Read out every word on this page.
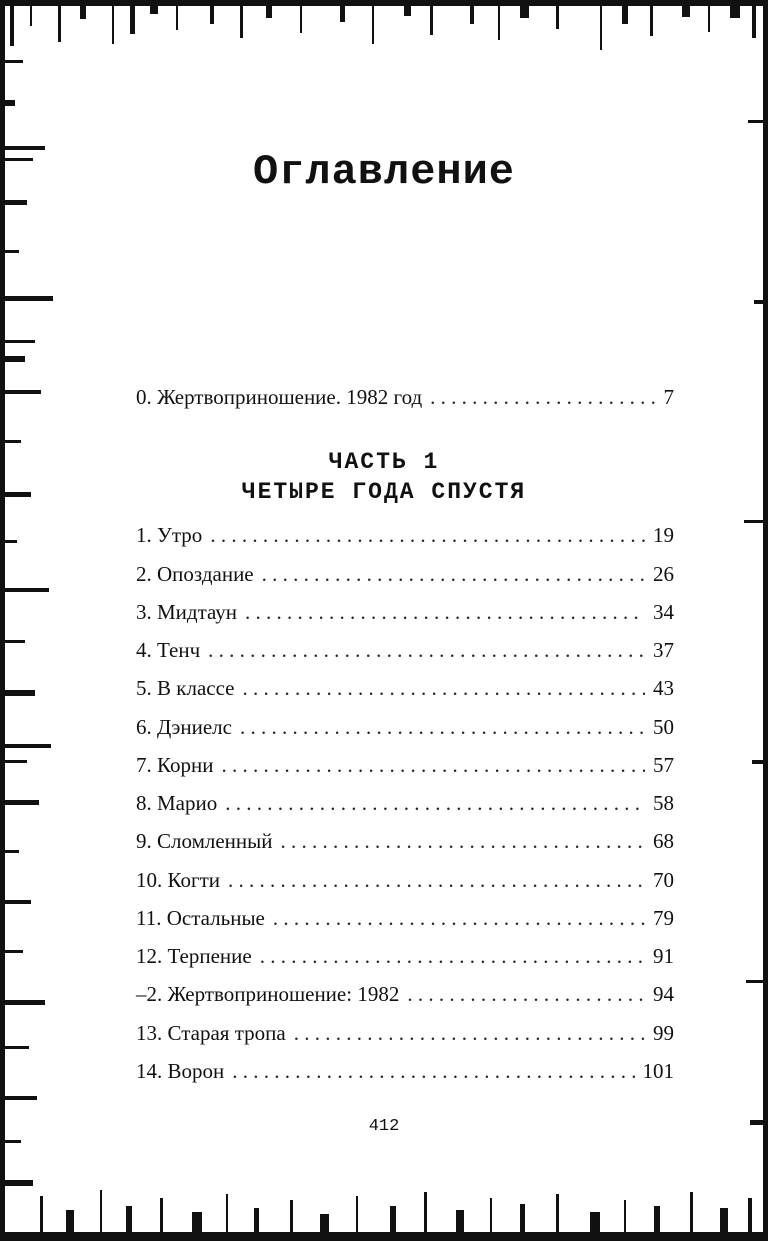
Оглавление
0. Жертвоприношение. 1982 год . . .	7
ЧАСТЬ 1
ЧЕТЫРЕ ГОДА СПУСТЯ
1. Утро . . .	19
2. Опоздание . . .	26
3. Мидтаун . . .	34
4. Тенч . . .	37
5. В классе . . .	43
6. Дэниелс . . .	50
7. Корни . . .	57
8. Марио . . .	58
9. Сломленный . . .	68
10. Когти . . .	70
11. Остальные . . .	79
12. Терпение . . .	91
–2. Жертвоприношение: 1982 . . .	94
13. Старая тропа . . .	99
14. Ворон . . .	101
412
